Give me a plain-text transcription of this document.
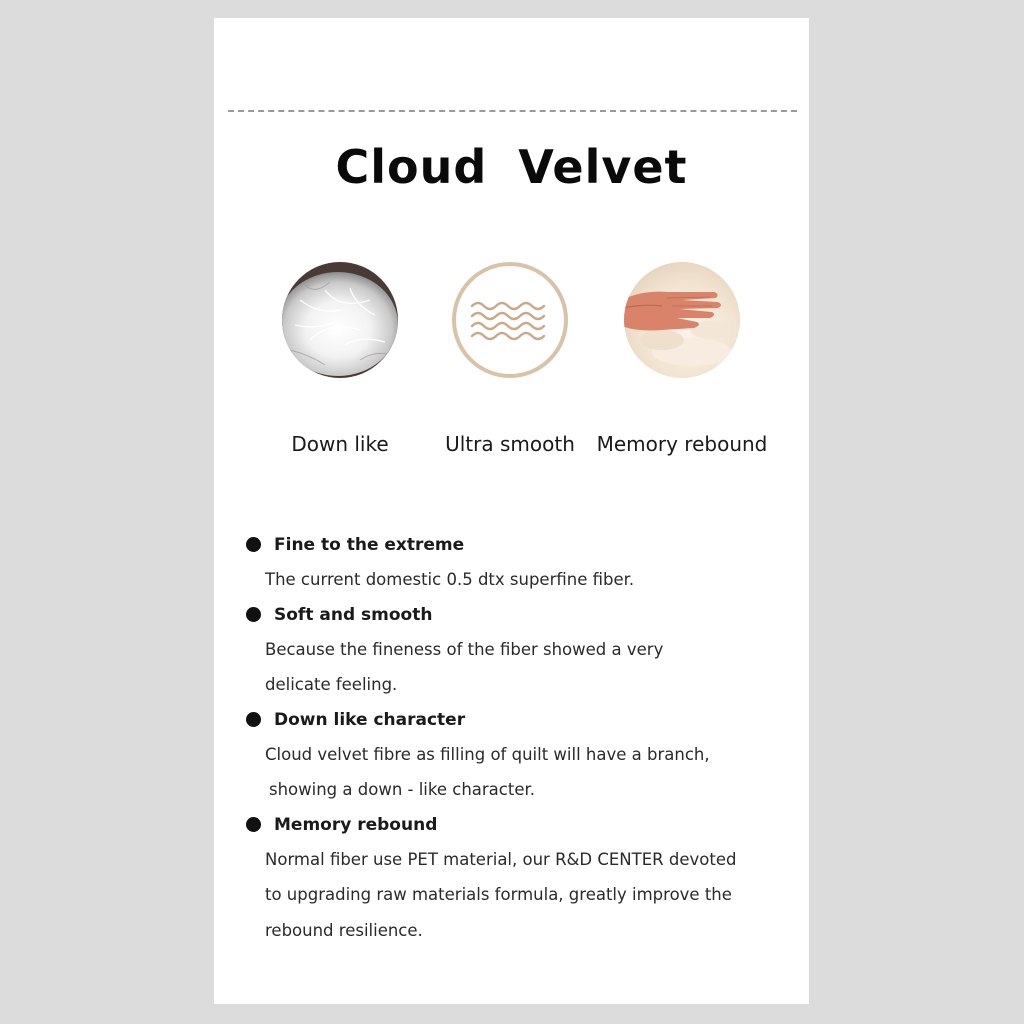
Cloud Velvet
Down like	Ultra smooth	Memory rebound
Fine to the extreme
The current domestic 0.5 dtx superfine fiber.
Soft and smooth
Because the fineness of the fiber showed a very
delicate feeling.
Down like character
Cloud velvet fibre as filling of quilt will have a branch,
showing a down - like character.
Memory rebound
Normal fiber use PET material, our R&D CENTER devoted
to upgrading raw materials formula, greatly improve the
rebound resilience.
